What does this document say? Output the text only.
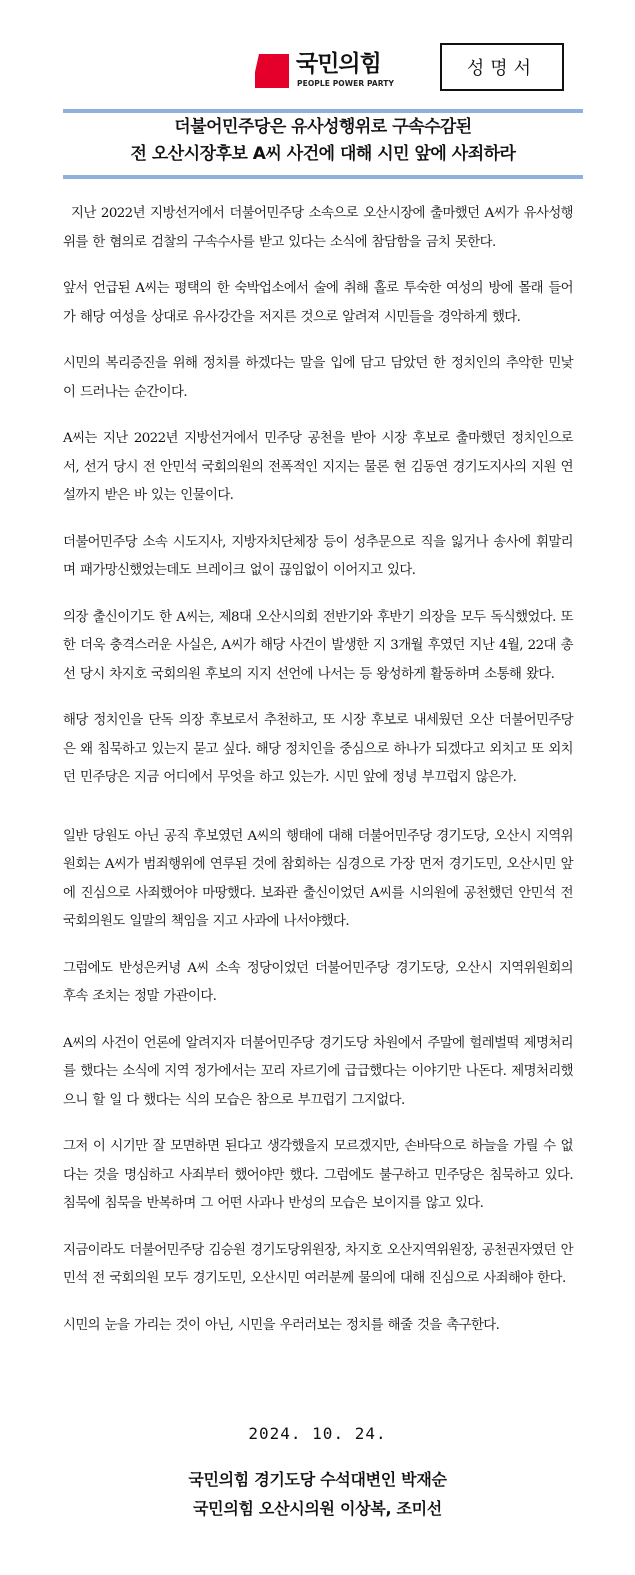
국민의힘
PEOPLE POWER PARTY
성명서
더불어민주당은 유사성행위로 구속수감된
전 오산시장후보 A씨 사건에 대해 시민 앞에 사죄하라

지난 2022년 지방선거에서 더불어민주당 소속으로 오산시장에 출마했던 A씨가 유사성행위를 한 혐의로 검찰의 구속수사를 받고 있다는 소식에 참담함을 금치 못한다.

앞서 언급된 A씨는 평택의 한 숙박업소에서 술에 취해 홀로 투숙한 여성의 방에 몰래 들어가 해당 여성을 상대로 유사강간을 저지른 것으로 알려져 시민들을 경악하게 했다.

시민의 복리증진을 위해 정치를 하겠다는 말을 입에 담고 담았던 한 정치인의 추악한 민낯이 드러나는 순간이다.

A씨는 지난 2022년 지방선거에서 민주당 공천을 받아 시장 후보로 출마했던 정치인으로서, 선거 당시 전 안민석 국회의원의 전폭적인 지지는 물론 현 김동연 경기도지사의 지원 연설까지 받은 바 있는 인물이다.

더불어민주당 소속 시도지사, 지방자치단체장 등이 성추문으로 직을 잃거나 송사에 휘말리며 패가망신했었는데도 브레이크 없이 끊임없이 이어지고 있다.

의장 출신이기도 한 A씨는, 제8대 오산시의회 전반기와 후반기 의장을 모두 독식했었다. 또한 더욱 충격스러운 사실은, A씨가 해당 사건이 발생한 지 3개월 후였던 지난 4월, 22대 총선 당시 차지호 국회의원 후보의 지지 선언에 나서는 등 왕성하게 활동하며 소통해 왔다.

해당 정치인을 단독 의장 후보로서 추천하고, 또 시장 후보로 내세웠던 오산 더불어민주당은 왜 침묵하고 있는지 묻고 싶다. 해당 정치인을 중심으로 하나가 되겠다고 외치고 또 외치던 민주당은 지금 어디에서 무엇을 하고 있는가. 시민 앞에 정녕 부끄럽지 않은가.

일반 당원도 아닌 공직 후보였던 A씨의 행태에 대해 더불어민주당 경기도당, 오산시 지역위원회는 A씨가 범죄행위에 연루된 것에 참회하는 심경으로 가장 먼저 경기도민, 오산시민 앞에 진심으로 사죄했어야 마땅했다. 보좌관 출신이었던 A씨를 시의원에 공천했던 안민석 전 국회의원도 일말의 책임을 지고 사과에 나서야했다.

그럼에도 반성은커녕 A씨 소속 정당이었던 더불어민주당 경기도당, 오산시 지역위원회의 후속 조치는 정말 가관이다.

A씨의 사건이 언론에 알려지자 더불어민주당 경기도당 차원에서 주말에 헐레벌떡 제명처리를 했다는 소식에 지역 정가에서는 꼬리 자르기에 급급했다는 이야기만 나돈다. 제명처리했으니 할 일 다 했다는 식의 모습은 참으로 부끄럽기 그지없다.

그저 이 시기만 잘 모면하면 된다고 생각했을지 모르겠지만, 손바닥으로 하늘을 가릴 수 없다는 것을 명심하고 사죄부터 했어야만 했다. 그럼에도 불구하고 민주당은 침묵하고 있다. 침묵에 침묵을 반복하며 그 어떤 사과나 반성의 모습은 보이지를 않고 있다.

지금이라도 더불어민주당 김승원 경기도당위원장, 차지호 오산지역위원장, 공천권자였던 안민석 전 국회의원 모두 경기도민, 오산시민 여러분께 물의에 대해 진심으로 사죄해야 한다.

시민의 눈을 가리는 것이 아닌, 시민을 우러러보는 정치를 해줄 것을 촉구한다.

2024. 10. 24.
국민의힘 경기도당 수석대변인 박재순
국민의힘 오산시의원 이상복, 조미선
